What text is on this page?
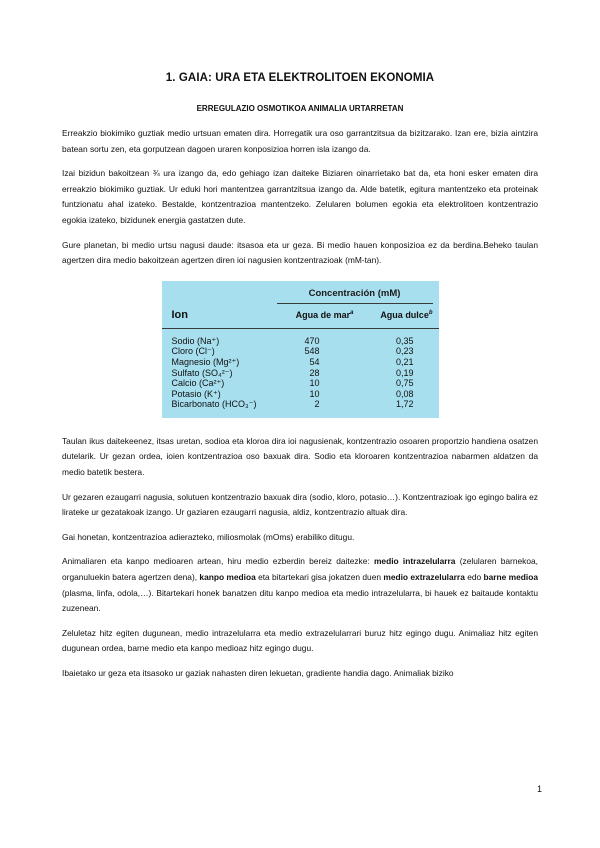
1. GAIA: URA ETA ELEKTROLITOEN EKONOMIA
ERREGULAZIO OSMOTIKOA ANIMALIA URTARRETAN

Erreakzio biokimiko guztiak medio urtsuan ematen dira. Horregatik ura oso garrantzitsua da bizitzarako. Izan ere, bizia aintzira batean sortu zen, eta gorputzean dagoen uraren konposizioa horren isla izango da.

Izai bizidun bakoitzean ¾ ura izango da, edo gehiago izan daiteke Biziaren oinarrietako bat da, eta honi esker ematen dira erreakzio biokimiko guztiak. Ur eduki hori mantentzea garrantzitsua izango da. Alde batetik, egitura mantentzeko eta proteinak funtzionatu ahal izateko. Bestalde, kontzentrazioa mantentzeko. Zelularen bolumen egokia eta elektrolitoen kontzentrazio egokia izateko, bizidunek energia gastatzen dute.

Gure planetan, bi medio urtsu nagusi daude: itsasoa eta ur geza. Bi medio hauen konposizioa ez da berdina.Beheko taulan agertzen dira medio bakoitzean agertzen diren ioi nagusien kontzentrazioak (mM-tan).

Concentración (mM)
Ion	Agua de mar$^a$	Agua dulce$^b$
Sodio (Na⁺)	470	0,35
Cloro (Cl⁻)	548	0,23
Magnesio (Mg²⁺)	54	0,21
Sulfato (SO₄²⁻)	28	0,19
Calcio (Ca²⁺)	10	0,75
Potasio (K⁺)	10	0,08
Bicarbonato (HCO₃⁻)	2	1,72

Taulan ikus daitekeenez, itsas uretan, sodioa eta kloroa dira ioi nagusienak, kontzentrazio osoaren proportzio handiena osatzen dutelarik. Ur gezan ordea, ioien kontzentrazioa oso baxuak dira. Sodio eta kloroaren kontzentrazioa nabarmen aldatzen da medio batetik bestera.

Ur gezaren ezaugarri nagusia, solutuen kontzentrazio baxuak dira (sodio, kloro, potasio…). Kontzentrazioak igo egingo balira ez lirateke ur gezatakoak izango. Ur gaziaren ezaugarri nagusia, aldiz, kontzentrazio altuak dira.

Gai honetan, kontzentrazioa adierazteko, miliosmolak (mOms) erabiliko ditugu.

Animaliaren eta kanpo medioaren artean, hiru medio ezberdin bereiz daitezke: medio intrazelularra (zelularen barnekoa, organuluekin batera agertzen dena), kanpo medioa eta bitartekari gisa jokatzen duen medio extrazelularra edo barne medioa (plasma, linfa, odola,…). Bitartekari honek banatzen ditu kanpo medioa eta medio intrazelularra, bi hauek ez baitaude kontaktu zuzenean.

Zeluletaz hitz egiten dugunean, medio intrazelularra eta medio extrazelularrari buruz hitz egingo dugu. Animaliaz hitz egiten dugunean ordea, barne medio eta kanpo medioaz hitz egingo dugu.

Ibaietako ur geza eta itsasoko ur gaziak nahasten diren lekuetan, gradiente handia dago. Animaliak biziko

1
